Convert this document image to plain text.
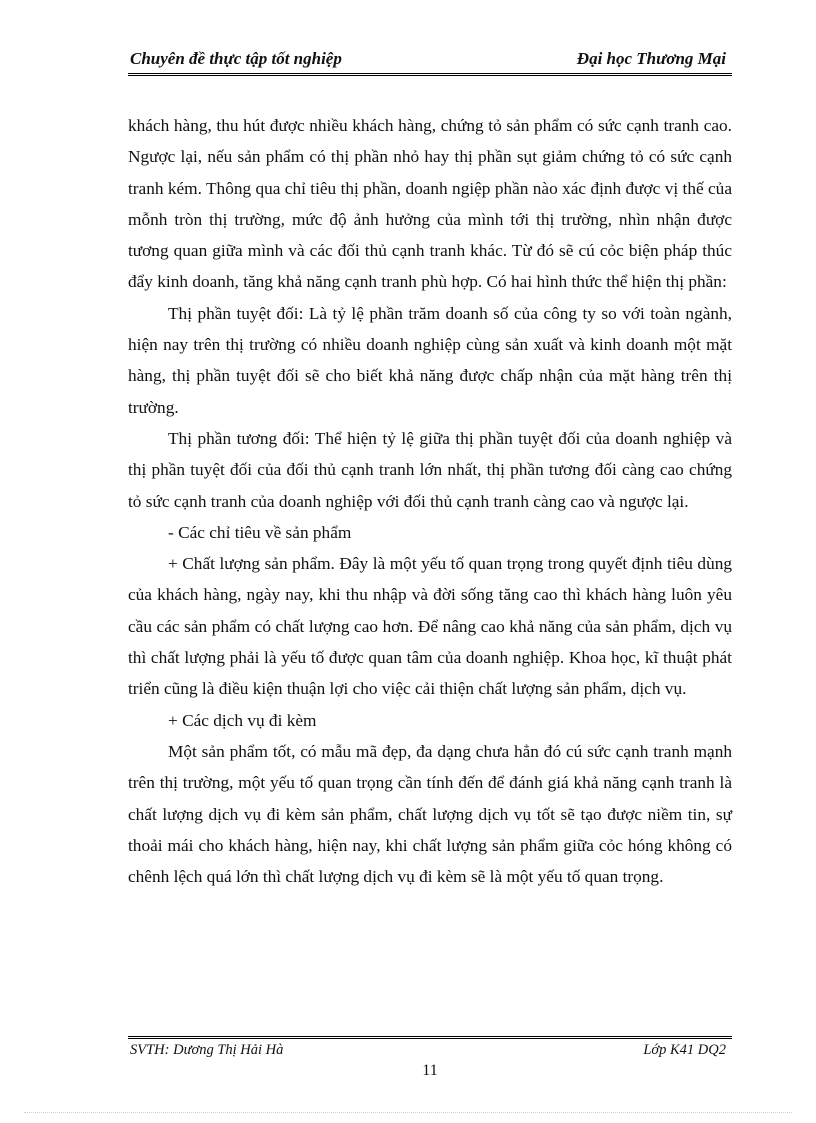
Chuyên đề thực tập tốt nghiệp	Đại học Thương Mại

khách hàng, thu hút được nhiều khách hàng, chứng tỏ sản phẩm có sức cạnh tranh cao. Ngược lại, nếu sản phẩm có thị phần nhỏ hay thị phần sụt giảm chứng tỏ có sức cạnh tranh kém. Thông qua chỉ tiêu thị phần, doanh ngiệp phần nào xác định được vị thế của mỗnh tròn thị trường, mức độ ảnh hưởng của mình tới thị trường, nhìn nhận được tương quan giữa mình và các đối thủ cạnh tranh khác. Từ đó sẽ cú cỏc biện pháp thúc đẩy kinh doanh, tăng khả năng cạnh tranh phù hợp. Có hai hình thức thể hiện thị phần:

Thị phần tuyệt đối: Là tỷ lệ phần trăm doanh số của công ty so với toàn ngành, hiện nay trên thị trường có nhiều doanh nghiệp cùng sản xuất và kinh doanh một mặt hàng, thị phần tuyệt đối sẽ cho biết khả năng được chấp nhận của mặt hàng trên thị trường.

Thị phần tương đối: Thể hiện tỷ lệ giữa thị phần tuyệt đối của doanh nghiệp và thị phần tuyệt đối của đối thủ cạnh tranh lớn nhất, thị phần tương đối càng cao chứng tỏ sức cạnh tranh của doanh nghiệp với đối thủ cạnh tranh càng cao và ngược lại.

- Các chỉ tiêu về sản phẩm

+ Chất lượng sản phẩm. Đây là một yếu tố quan trọng trong quyết định tiêu dùng của khách hàng, ngày nay, khi thu nhập và đời sống tăng cao thì khách hàng luôn yêu cầu các sản phẩm có chất lượng cao hơn. Để nâng cao khả năng của sản phẩm, dịch vụ thì chất lượng phải là yếu tố được quan tâm của doanh nghiệp. Khoa học, kĩ thuật phát triển cũng là điều kiện thuận lợi cho việc cải thiện chất lượng sản phẩm, dịch vụ.

+ Các dịch vụ đi kèm

Một sản phẩm tốt, có mẫu mã đẹp, đa dạng chưa hẳn đó cú sức cạnh tranh mạnh trên thị trường, một yếu tố quan trọng cần tính đến để đánh giá khả năng cạnh tranh là chất lượng dịch vụ đi kèm sản phẩm, chất lượng dịch vụ tốt sẽ tạo được niềm tin, sự thoải mái cho khách hàng, hiện nay, khi chất lượng sản phẩm giữa cỏc hóng không có chênh lệch quá lớn thì chất lượng dịch vụ đi kèm sẽ là một yếu tố quan trọng.

SVTH: Dương Thị Hải Hà	Lớp K41 DQ2
11
